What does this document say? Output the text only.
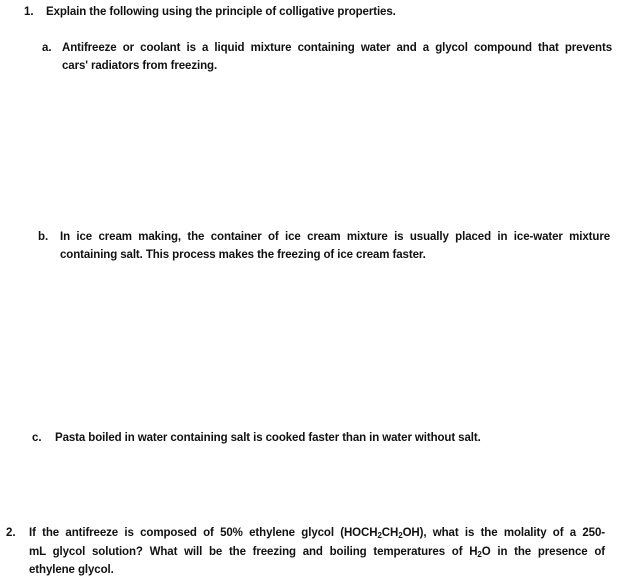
1. Explain the following using the principle of colligative properties.
a. Antifreeze or coolant is a liquid mixture containing water and a glycol compound that prevents
cars' radiators from freezing.
b. In ice cream making, the container of ice cream mixture is usually placed in ice-water mixture
containing salt. This process makes the freezing of ice cream faster.
c. Pasta boiled in water containing salt is cooked faster than in water without salt.
2. If the antifreeze is composed of 50% ethylene glycol $(HOCH_2CH_2OH)$, what is the molality of a 250-
mL glycol solution? What will be the freezing and boiling temperatures of $H_2O$ in the presence of
ethylene glycol.
